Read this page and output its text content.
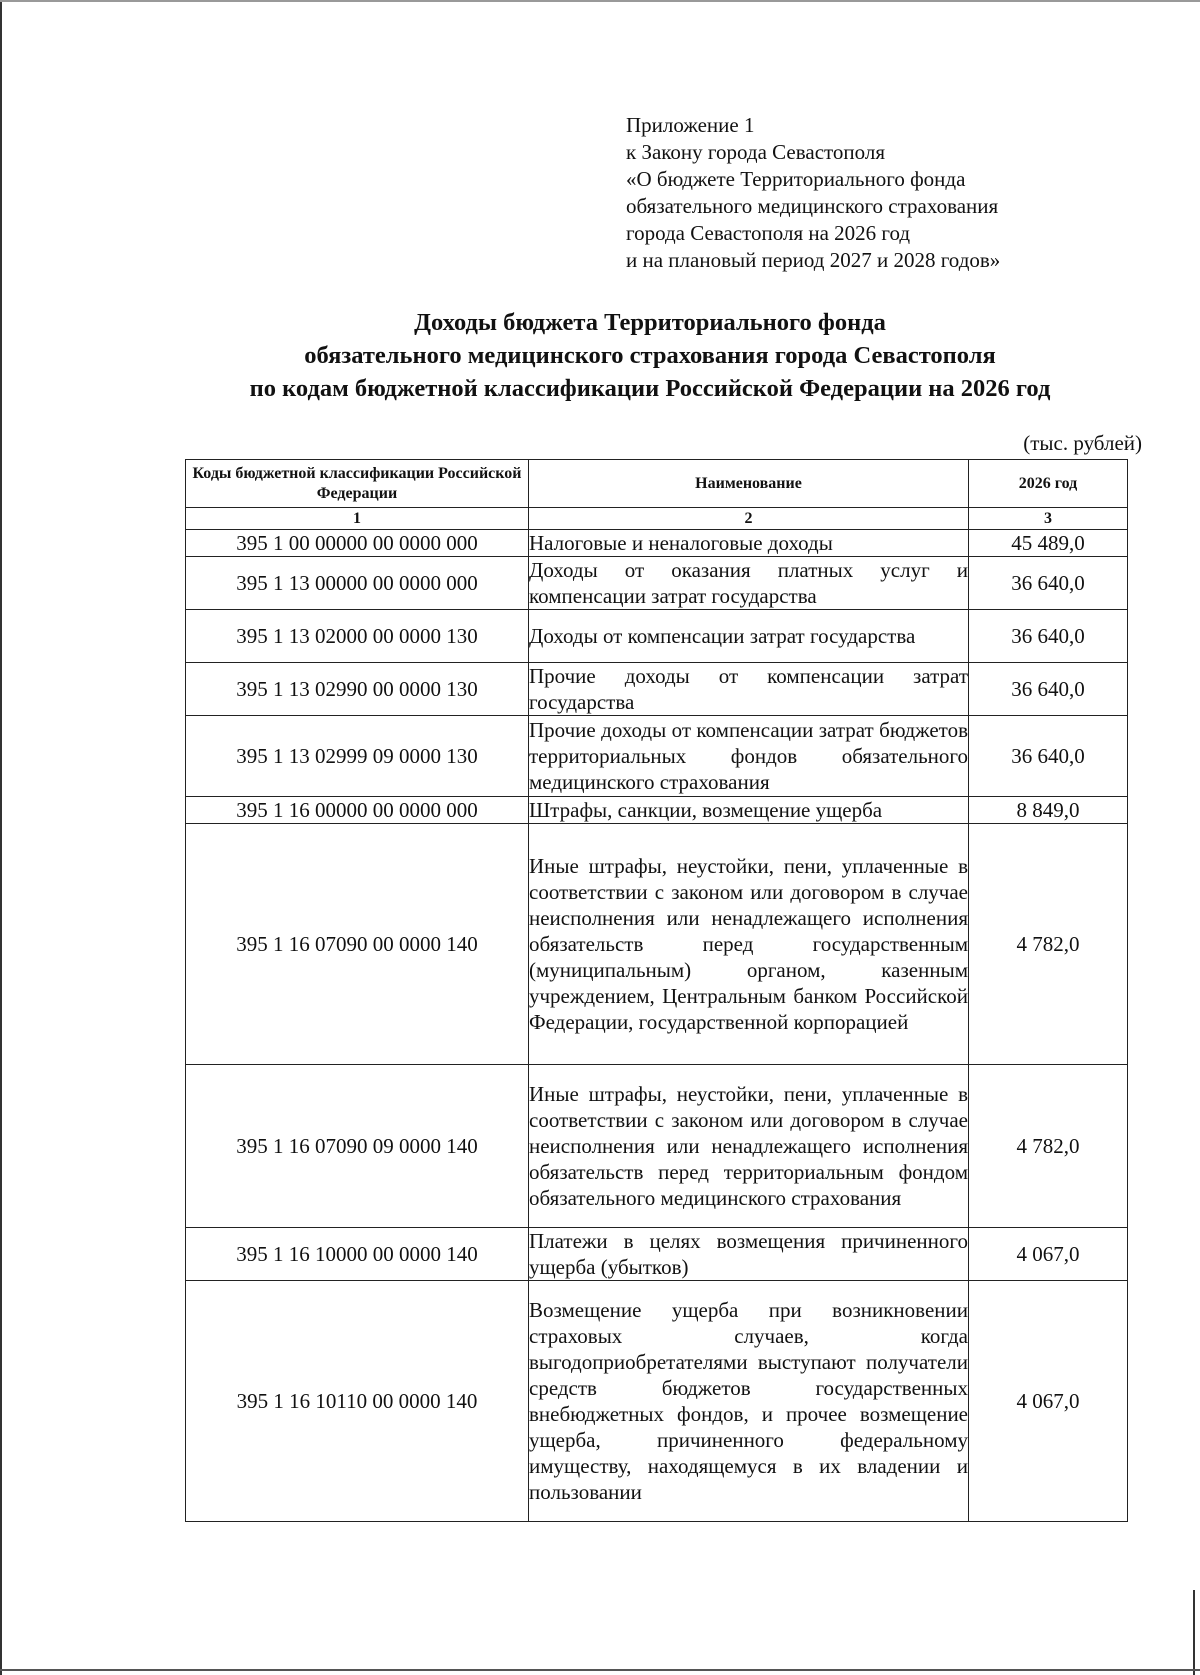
Приложение 1
к Закону города Севастополя
«О бюджете Территориального фонда
обязательного медицинского страхования
города Севастополя на 2026 год
и на плановый период 2027 и 2028 годов»
Доходы бюджета Территориального фонда
обязательного медицинского страхования города Севастополя
по кодам бюджетной классификации Российской Федерации на 2026 год
(тыс. рублей)
Коды бюджетной классификации Российской Федерации	Наименование	2026 год
1	2	3
395 1 00 00000 00 0000 000	Налоговые и неналоговые доходы	45 489,0
395 1 13 00000 00 0000 000	Доходы от оказания платных услуг и компенсации затрат государства	36 640,0
395 1 13 02000 00 0000 130	Доходы от компенсации затрат государства	36 640,0
395 1 13 02990 00 0000 130	Прочие доходы от компенсации затрат государства	36 640,0
395 1 13 02999 09 0000 130	Прочие доходы от компенсации затрат бюджетов территориальных фондов обязательного медицинского страхования	36 640,0
395 1 16 00000 00 0000 000	Штрафы, санкции, возмещение ущерба	8 849,0
395 1 16 07090 00 0000 140	Иные штрафы, неустойки, пени, уплаченные в соответствии с законом или договором в случае неисполнения или ненадлежащего исполнения обязательств перед государственным (муниципальным) органом, казенным учреждением, Центральным банком Российской Федерации, государственной корпорацией	4 782,0
395 1 16 07090 09 0000 140	Иные штрафы, неустойки, пени, уплаченные в соответствии с законом или договором в случае неисполнения или ненадлежащего исполнения обязательств перед территориальным фондом обязательного медицинского страхования	4 782,0
395 1 16 10000 00 0000 140	Платежи в целях возмещения причиненного ущерба (убытков)	4 067,0
395 1 16 10110 00 0000 140	Возмещение ущерба при возникновении страховых случаев, когда выгодоприобретателями выступают получатели средств бюджетов государственных внебюджетных фондов, и прочее возмещение ущерба, причиненного федеральному имуществу, находящемуся в их владении и пользовании	4 067,0
